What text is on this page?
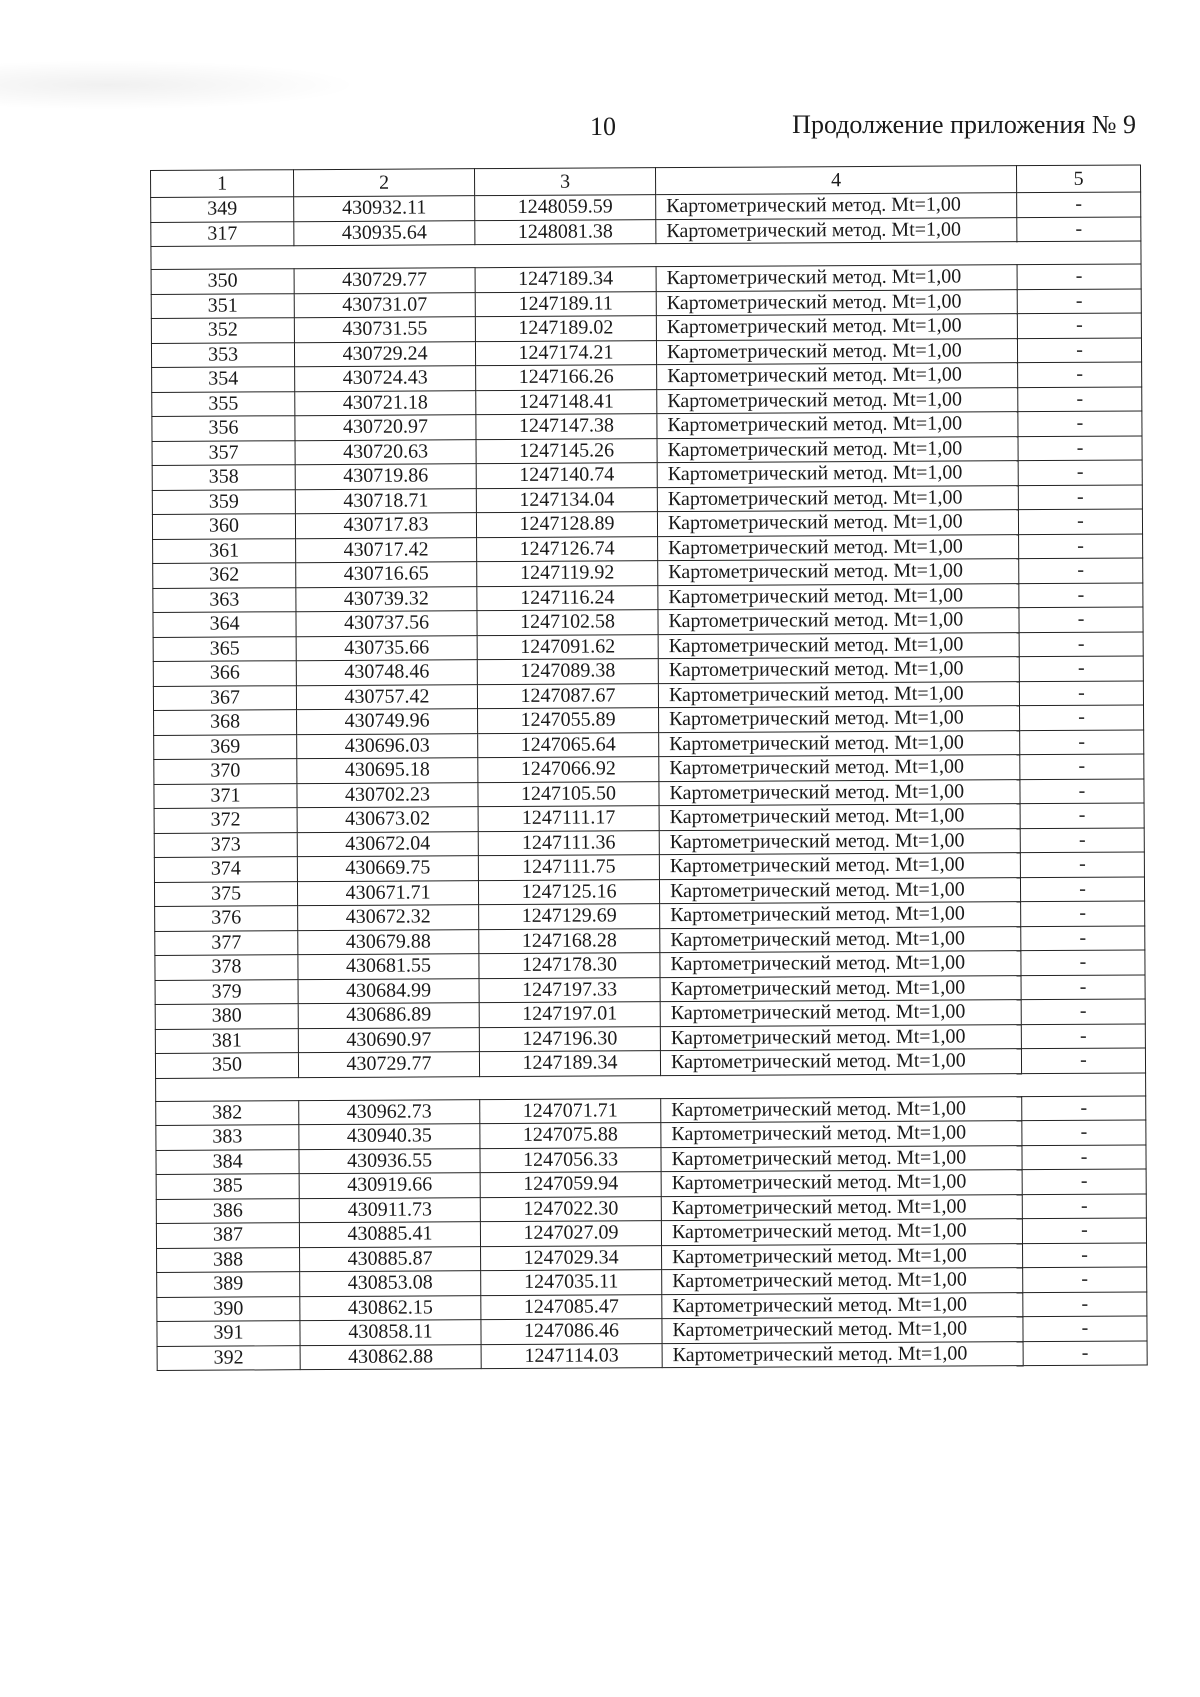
10	Продолжение приложения № 9
1	2	3	4	5
349	430932.11	1248059.59	Картометрический метод. Mt=1,00	-
317	430935.64	1248081.38	Картометрический метод. Mt=1,00	-

350	430729.77	1247189.34	Картометрический метод. Mt=1,00	-
351	430731.07	1247189.11	Картометрический метод. Mt=1,00	-
352	430731.55	1247189.02	Картометрический метод. Mt=1,00	-
353	430729.24	1247174.21	Картометрический метод. Mt=1,00	-
354	430724.43	1247166.26	Картометрический метод. Mt=1,00	-
355	430721.18	1247148.41	Картометрический метод. Mt=1,00	-
356	430720.97	1247147.38	Картометрический метод. Mt=1,00	-
357	430720.63	1247145.26	Картометрический метод. Mt=1,00	-
358	430719.86	1247140.74	Картометрический метод. Mt=1,00	-
359	430718.71	1247134.04	Картометрический метод. Mt=1,00	-
360	430717.83	1247128.89	Картометрический метод. Mt=1,00	-
361	430717.42	1247126.74	Картометрический метод. Mt=1,00	-
362	430716.65	1247119.92	Картометрический метод. Mt=1,00	-
363	430739.32	1247116.24	Картометрический метод. Mt=1,00	-
364	430737.56	1247102.58	Картометрический метод. Mt=1,00	-
365	430735.66	1247091.62	Картометрический метод. Mt=1,00	-
366	430748.46	1247089.38	Картометрический метод. Mt=1,00	-
367	430757.42	1247087.67	Картометрический метод. Mt=1,00	-
368	430749.96	1247055.89	Картометрический метод. Mt=1,00	-
369	430696.03	1247065.64	Картометрический метод. Mt=1,00	-
370	430695.18	1247066.92	Картометрический метод. Mt=1,00	-
371	430702.23	1247105.50	Картометрический метод. Mt=1,00	-
372	430673.02	1247111.17	Картометрический метод. Mt=1,00	-
373	430672.04	1247111.36	Картометрический метод. Mt=1,00	-
374	430669.75	1247111.75	Картометрический метод. Mt=1,00	-
375	430671.71	1247125.16	Картометрический метод. Mt=1,00	-
376	430672.32	1247129.69	Картометрический метод. Mt=1,00	-
377	430679.88	1247168.28	Картометрический метод. Mt=1,00	-
378	430681.55	1247178.30	Картометрический метод. Mt=1,00	-
379	430684.99	1247197.33	Картометрический метод. Mt=1,00	-
380	430686.89	1247197.01	Картометрический метод. Mt=1,00	-
381	430690.97	1247196.30	Картометрический метод. Mt=1,00	-
350	430729.77	1247189.34	Картометрический метод. Mt=1,00	-

382	430962.73	1247071.71	Картометрический метод. Mt=1,00	-
383	430940.35	1247075.88	Картометрический метод. Mt=1,00	-
384	430936.55	1247056.33	Картометрический метод. Mt=1,00	-
385	430919.66	1247059.94	Картометрический метод. Mt=1,00	-
386	430911.73	1247022.30	Картометрический метод. Mt=1,00	-
387	430885.41	1247027.09	Картометрический метод. Mt=1,00	-
388	430885.87	1247029.34	Картометрический метод. Mt=1,00	-
389	430853.08	1247035.11	Картометрический метод. Mt=1,00	-
390	430862.15	1247085.47	Картометрический метод. Mt=1,00	-
391	430858.11	1247086.46	Картометрический метод. Mt=1,00	-
392	430862.88	1247114.03	Картометрический метод. Mt=1,00	-
